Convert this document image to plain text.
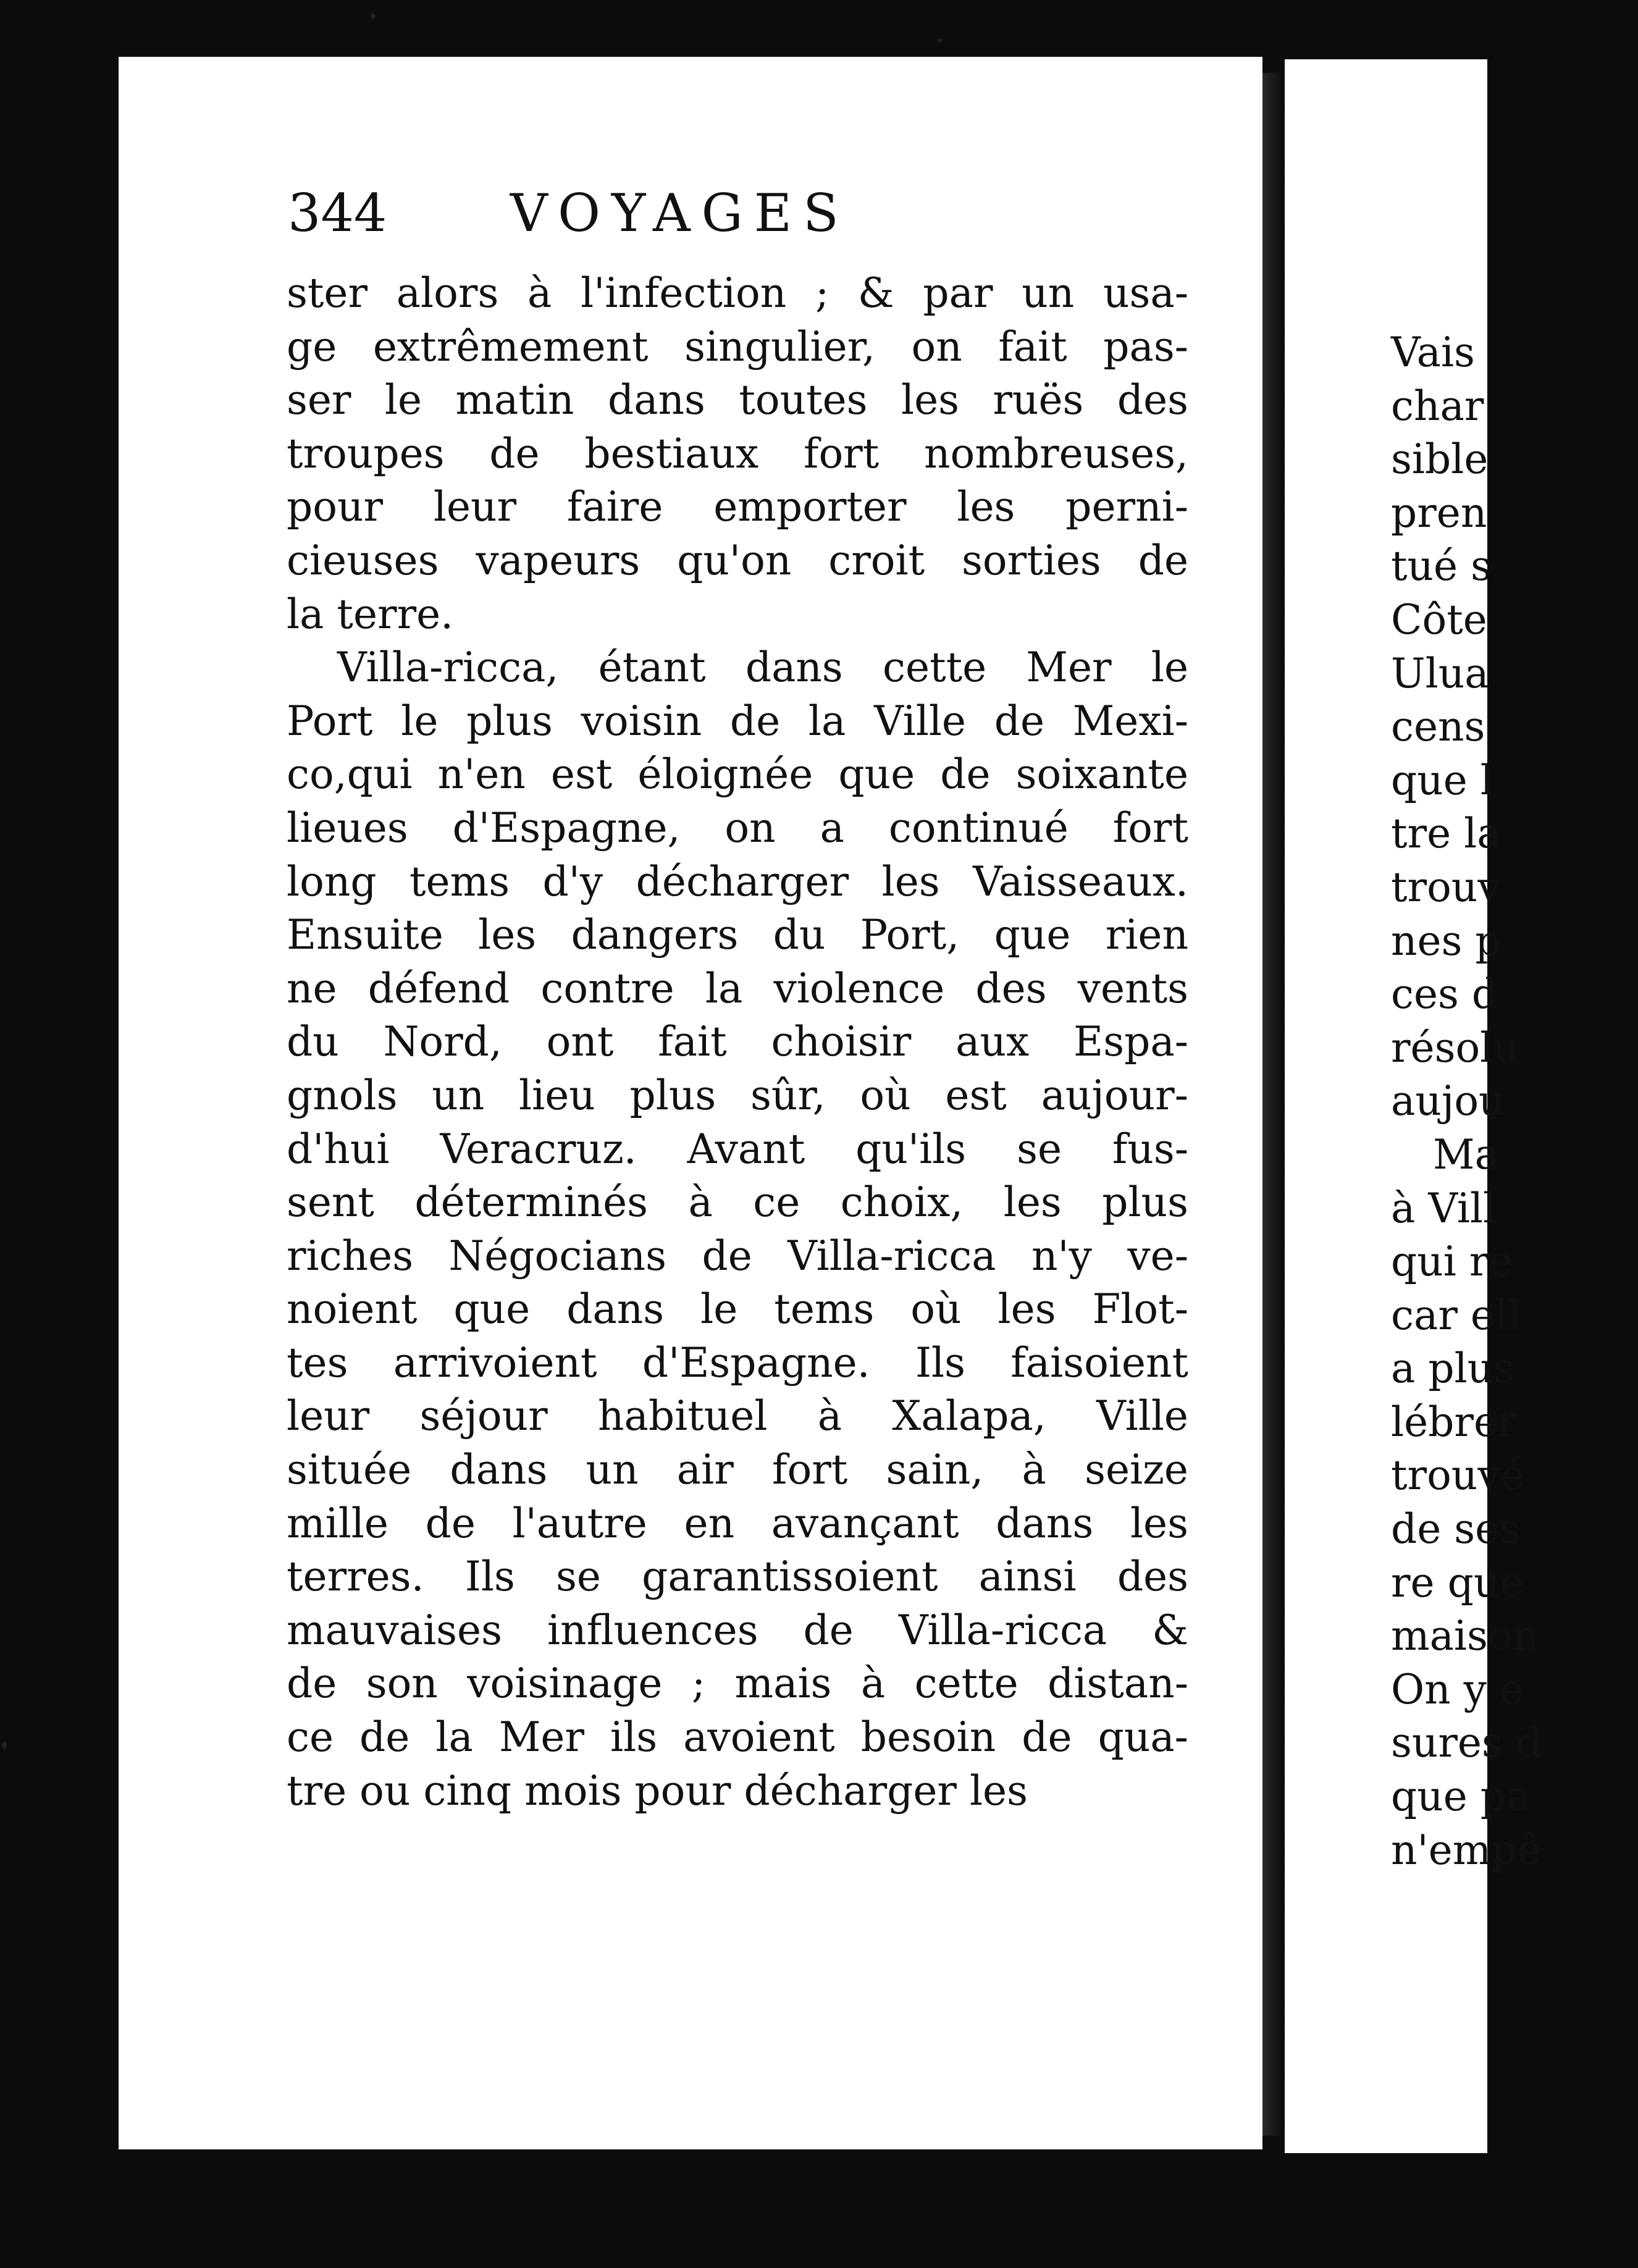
Vais
char
sible
pren
tué s
Côte
Ulua
cens
que l
tre la
trouv
nes p
ces d
résolu
aujou
Ma
à Vill
qui re
car ell
a plus
lébrer
trouvé
de ses
re que
maison
On y e
sures d
que pa
n'empê
344 VOYAGES
ster alors à l'infection ; & par un usa-
ge extrêmement singulier, on fait pas-
ser le matin dans toutes les ruës des
troupes de bestiaux fort nombreuses,
pour leur faire emporter les perni-
cieuses vapeurs qu'on croit sorties de
la terre.
Villa-ricca, étant dans cette Mer le
Port le plus voisin de la Ville de Mexi-
co,qui n'en est éloignée que de soixante
lieues d'Espagne, on a continué fort
long tems d'y décharger les Vaisseaux.
Ensuite les dangers du Port, que rien
ne défend contre la violence des vents
du Nord, ont fait choisir aux Espa-
gnols un lieu plus sûr, où est aujour-
d'hui Veracruz. Avant qu'ils se fus-
sent déterminés à ce choix, les plus
riches Négocians de Villa-ricca n'y ve-
noient que dans le tems où les Flot-
tes arrivoient d'Espagne. Ils faisoient
leur séjour habituel à Xalapa, Ville
située dans un air fort sain, à seize
mille de l'autre en avançant dans les
terres. Ils se garantissoient ainsi des
mauvaises influences de Villa-ricca &
de son voisinage ; mais à cette distan-
ce de la Mer ils avoient besoin de qua-
tre ou cinq mois pour décharger les
